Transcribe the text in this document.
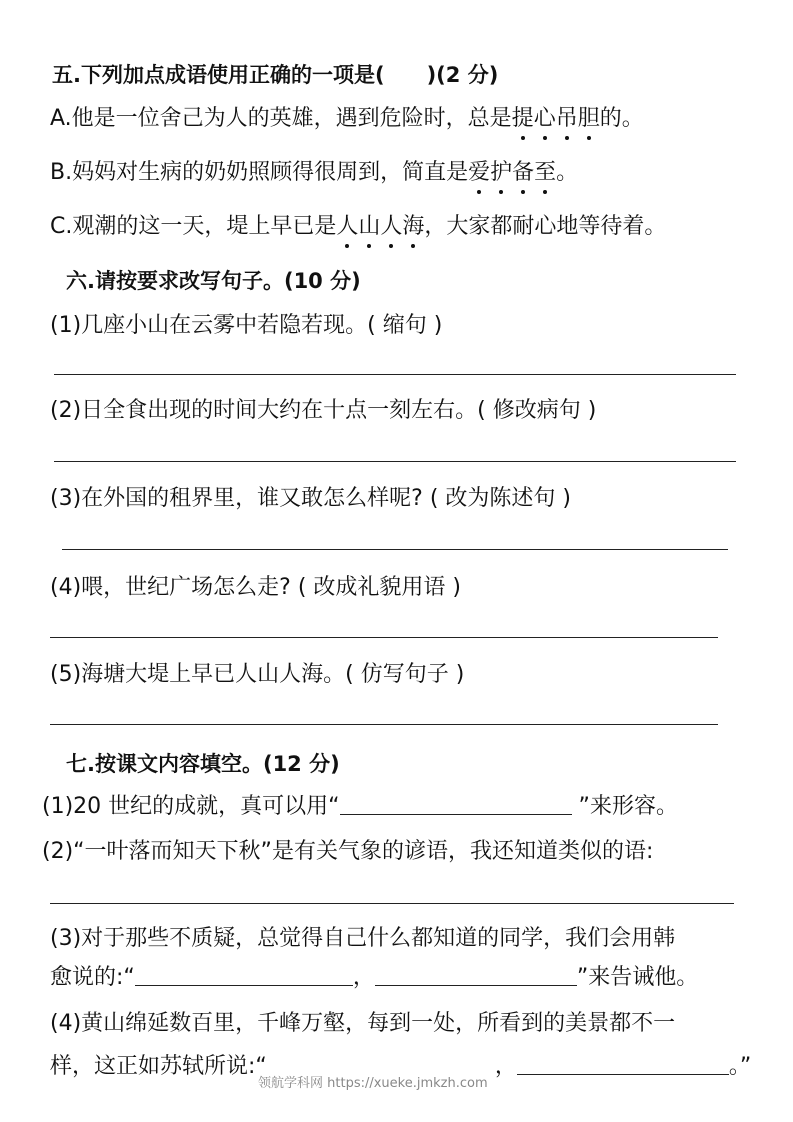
五.下列加点成语使用正确的一项是(　　)(2 分)
A.他是一位舍己为人的英雄，遇到危险时，总是提心吊胆的。
B.妈妈对生病的奶奶照顾得很周到，简直是爱护备至。
C.观潮的这一天，堤上早已是人山人海，大家都耐心地等待着。
六.请按要求改写句子。(10 分)
(1)几座小山在云雾中若隐若现。( 缩句 )
(2)日全食出现的时间大约在十点一刻左右。( 修改病句 )
(3)在外国的租界里，谁又敢怎么样呢? ( 改为陈述句 )
(4)喂，世纪广场怎么走? ( 改成礼貌用语 )
(5)海塘大堤上早已人山人海。( 仿写句子 )
七.按课文内容填空。(12 分)
(1)20 世纪的成就，真可以用“	”来形容。
(2)“一叶落而知天下秋”是有关气象的谚语，我还知道类似的语:
(3)对于那些不质疑，总觉得自己什么都知道的同学，我们会用韩
愈说的:“	，	”来告诫他。
(4)黄山绵延数百里，千峰万壑，每到一处，所看到的美景都不一
样，这正如苏轼所说:“	，	。”
领航学科网 https://xueke.jmkzh.com
